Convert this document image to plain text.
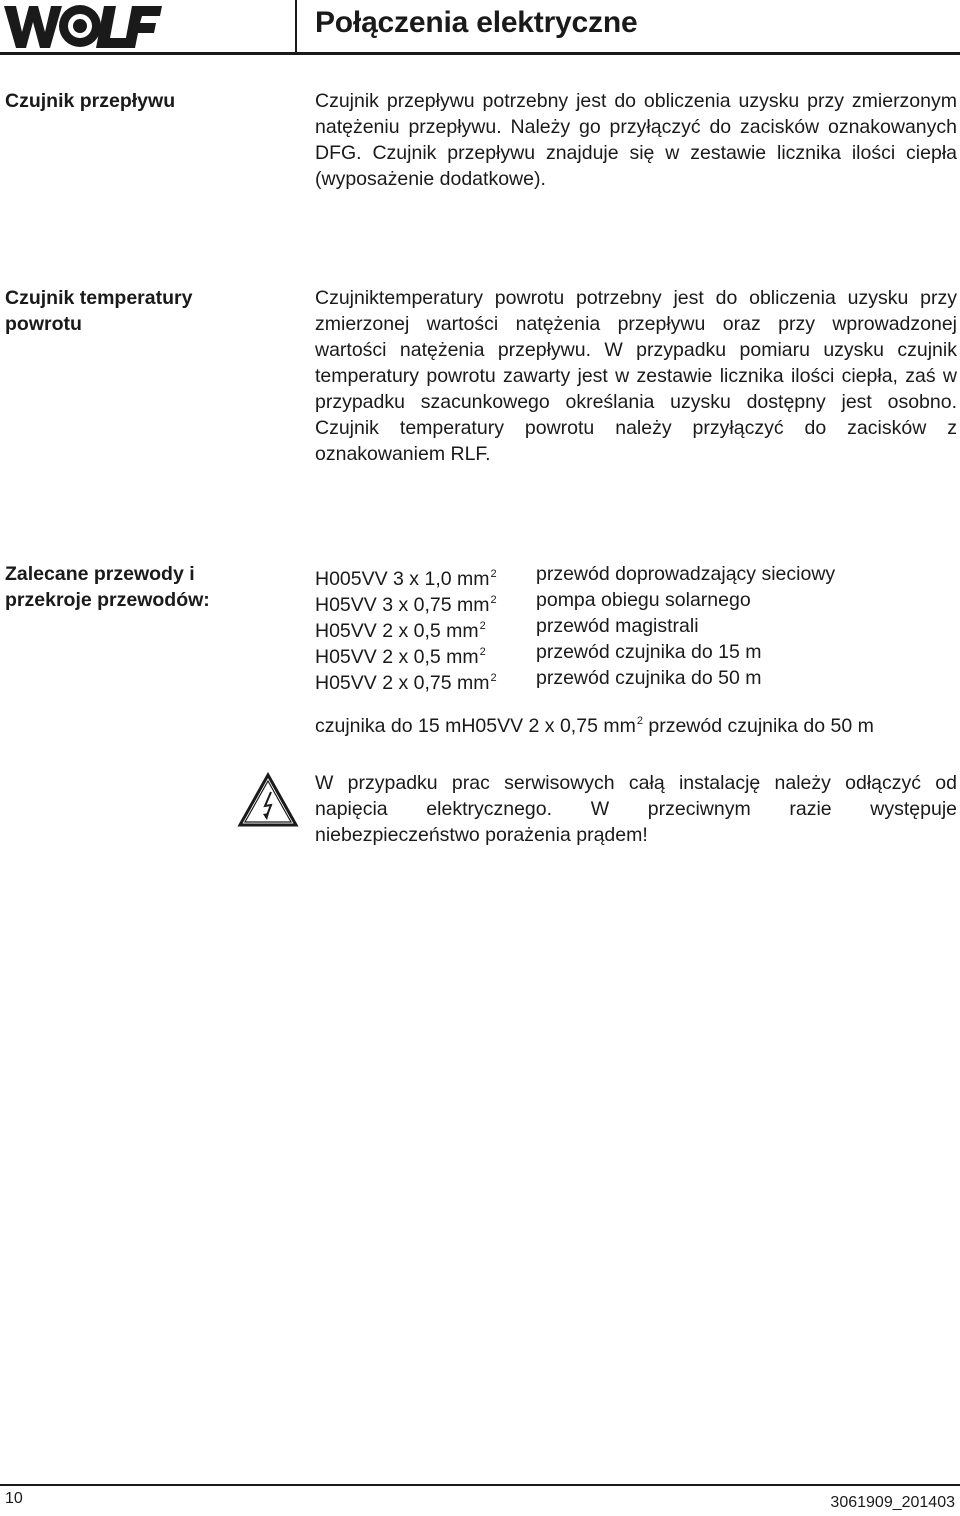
Połączenia elektryczne
Czujnik przepływu	Czujnik przepływu potrzebny jest do obliczenia uzysku przy zmierzonym natężeniu przepływu. Należy go przyłączyć do zacisków oznakowanych DFG. Czujnik przepływu znajduje się w zestawie licznika ilości ciepła (wyposażenie dodatkowe).
Czujnik temperatury
powrotu
Czujniktemperatury powrotu potrzebny jest do obliczenia uzysku przy zmierzonej wartości natężenia przepływu oraz przy wprowadzonej wartości natężenia przepływu. W przypadku pomiaru uzysku czujnik temperatury powrotu zawarty jest w zestawie licznika ilości ciepła, zaś w przypadku szacunkowego określania uzysku dostępny jest osobno. Czujnik temperatury powrotu należy przyłączyć do zacisków z oznakowaniem RLF.
Zalecane przewody i
przekroje przewodów:
H005VV 3 x 1,0 $mm^2$	przewód doprowadzający sieciowy
H05VV 3 x 0,75 $mm^2$	pompa obiegu solarnego
H05VV 2 x 0,5 $mm^2$	przewód magistrali
H05VV 2 x 0,5 $mm^2$	przewód czujnika do 15 m
H05VV 2 x 0,75 $mm^2$	przewód czujnika do 50 m
czujnika do 15 mH05VV 2 x 0,75 $mm^2$ przewód czujnika do 50 m
W przypadku prac serwisowych całą instalację należy odłączyć od napięcia elektrycznego. W przeciwnym razie występuje niebezpieczeństwo porażenia prądem!
10	3061909_201403
